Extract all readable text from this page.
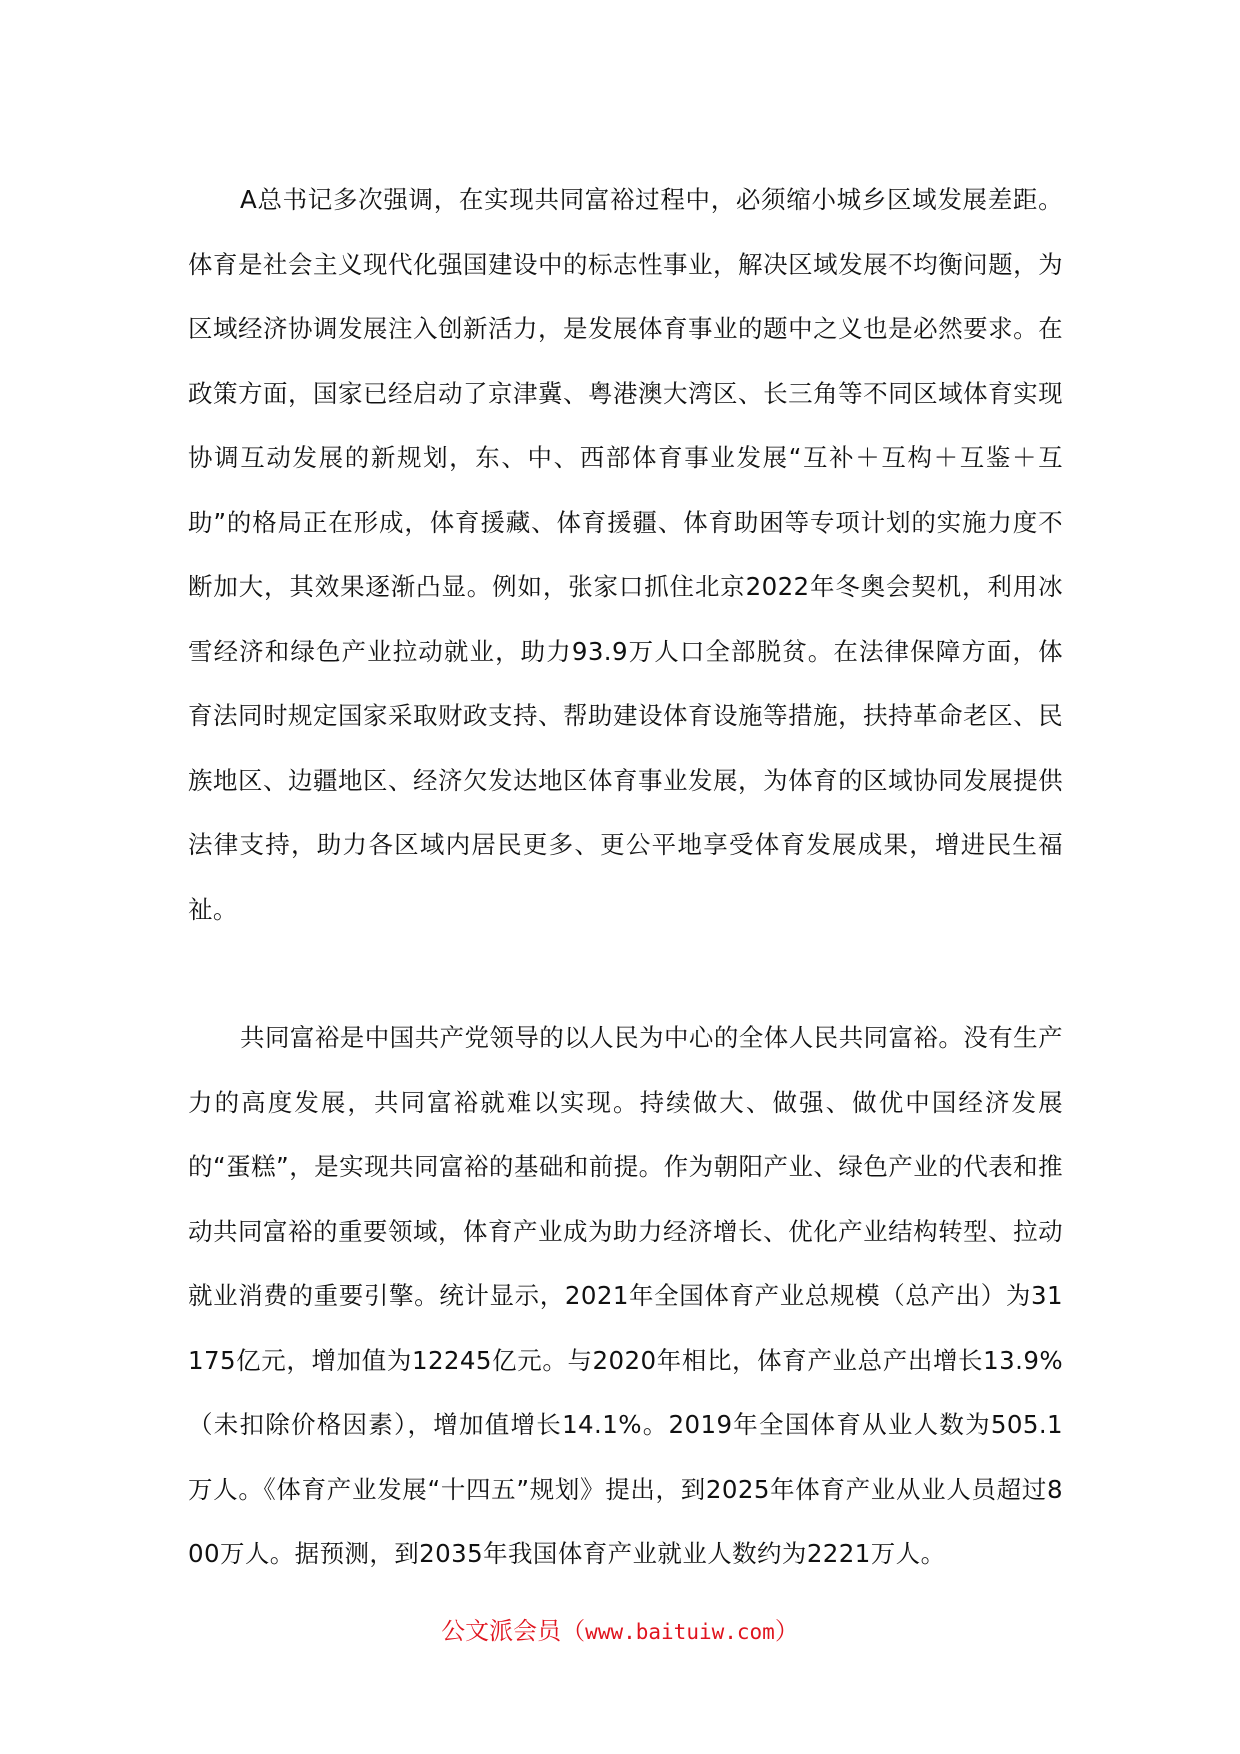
A总书记多次强调，在实现共同富裕过程中，必须缩小城乡区域发展差距。体育是社会主义现代化强国建设中的标志性事业，解决区域发展不均衡问题，为区域经济协调发展注入创新活力，是发展体育事业的题中之义也是必然要求。在政策方面，国家已经启动了京津冀、粤港澳大湾区、长三角等不同区域体育实现协调互动发展的新规划，东、中、西部体育事业发展“互补＋互构＋互鉴＋互助”的格局正在形成，体育援藏、体育援疆、体育助困等专项计划的实施力度不断加大，其效果逐渐凸显。例如，张家口抓住北京2022年冬奥会契机，利用冰雪经济和绿色产业拉动就业，助力93.9万人口全部脱贫。在法律保障方面，体育法同时规定国家采取财政支持、帮助建设体育设施等措施，扶持革命老区、民族地区、边疆地区、经济欠发达地区体育事业发展，为体育的区域协同发展提供法律支持，助力各区域内居民更多、更公平地享受体育发展成果，增进民生福祉。

共同富裕是中国共产党领导的以人民为中心的全体人民共同富裕。没有生产力的高度发展，共同富裕就难以实现。持续做大、做强、做优中国经济发展的“蛋糕”，是实现共同富裕的基础和前提。作为朝阳产业、绿色产业的代表和推动共同富裕的重要领域，体育产业成为助力经济增长、优化产业结构转型、拉动就业消费的重要引擎。统计显示，2021年全国体育产业总规模（总产出）为31175亿元，增加值为12245亿元。与2020年相比，体育产业总产出增长13.9%（未扣除价格因素），增加值增长14.1%。2019年全国体育从业人数为505.1万人。《体育产业发展“十四五”规划》提出，到2025年体育产业从业人员超过800万人。据预测，到2035年我国体育产业就业人数约为2221万人。

公文派会员（www.baituiw.com）
